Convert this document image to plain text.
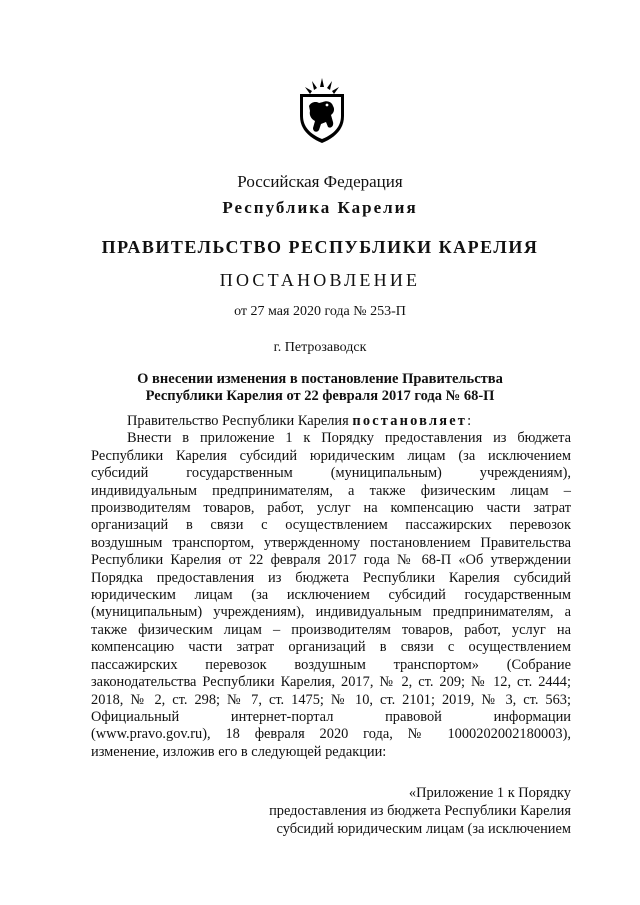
Российская Федерация
Республика Карелия
ПРАВИТЕЛЬСТВО РЕСПУБЛИКИ КАРЕЛИЯ
ПОСТАНОВЛЕНИЕ
от 27 мая 2020 года № 253-П
г. Петрозаводск
О внесении изменения в постановление Правительства
Республики Карелия от 22 февраля 2017 года № 68-П
Правительство Республики Карелия постановляет:
Внести в приложение 1 к Порядку предоставления из бюджета
Республики Карелия субсидий юридическим лицам (за исключением
субсидий государственным (муниципальным) учреждениям),
индивидуальным предпринимателям, а также физическим лицам –
производителям товаров, работ, услуг на компенсацию части затрат
организаций в связи с осуществлением пассажирских перевозок
воздушным транспортом, утвержденному постановлением Правительства
Республики Карелия от 22 февраля 2017 года № 68-П «Об утверждении
Порядка предоставления из бюджета Республики Карелия субсидий
юридическим лицам (за исключением субсидий государственным
(муниципальным) учреждениям), индивидуальным предпринимателям, а
также физическим лицам – производителям товаров, работ, услуг на
компенсацию части затрат организаций в связи с осуществлением
пассажирских перевозок воздушным транспортом» (Собрание
законодательства Республики Карелия, 2017, № 2, ст. 209; № 12, ст. 2444;
2018, № 2, ст. 298; № 7, ст. 1475; № 10, ст. 2101; 2019, № 3, ст. 563;
Официальный интернет-портал правовой информации
(www.pravo.gov.ru), 18 февраля 2020 года, № 1000202002180003),
изменение, изложив его в следующей редакции:
«Приложение 1 к Порядку
предоставления из бюджета Республики Карелия
субсидий юридическим лицам (за исключением
